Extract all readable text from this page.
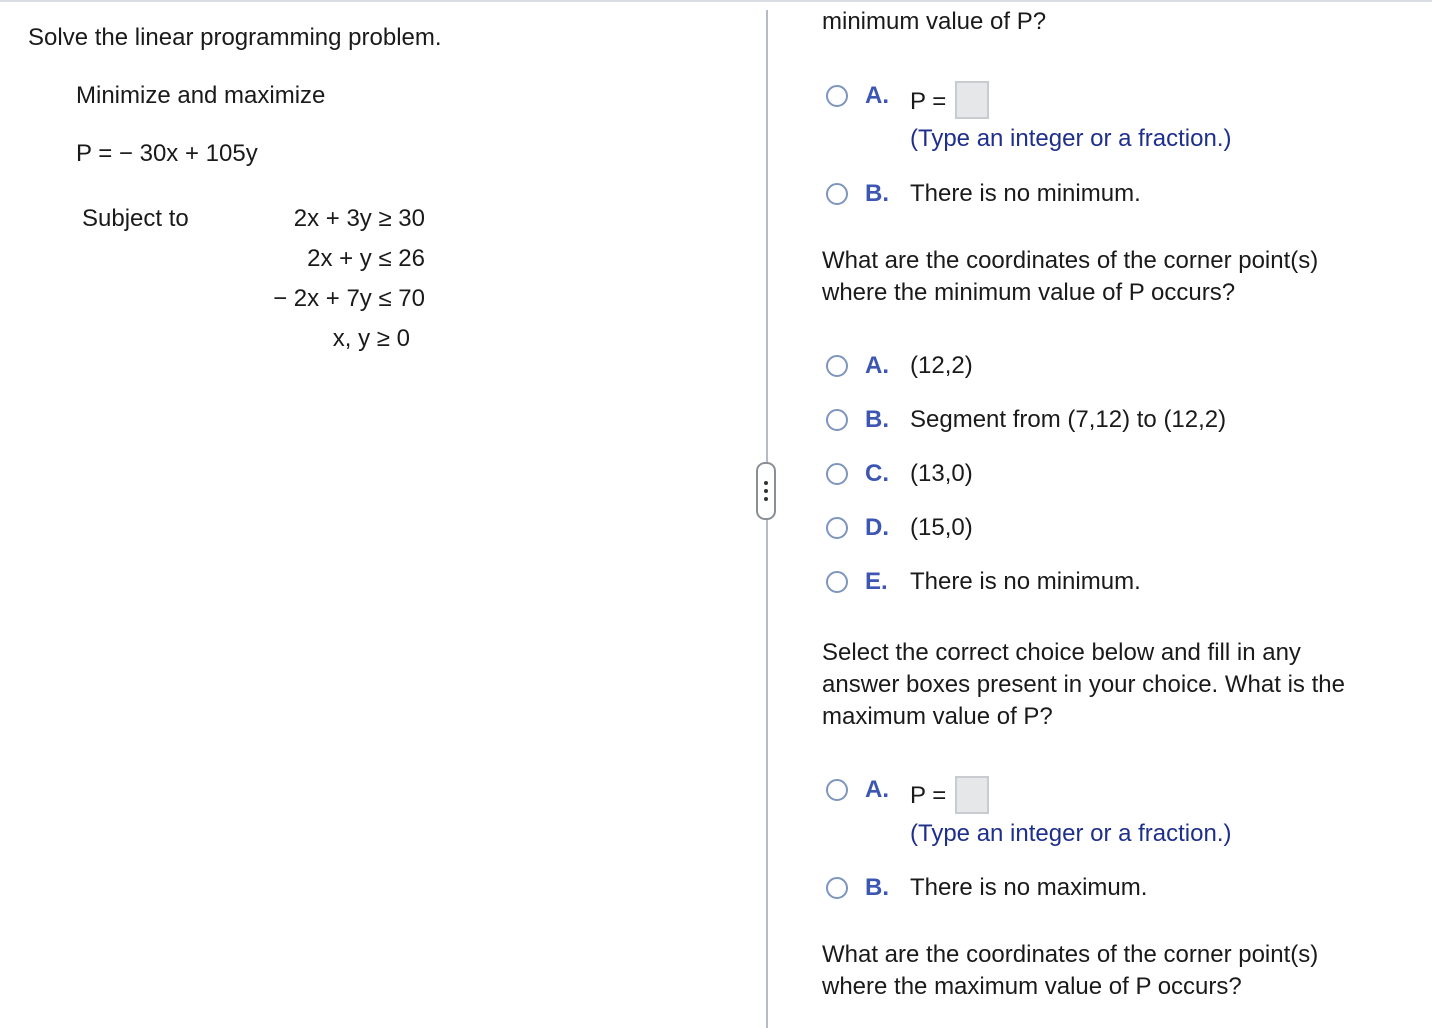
Solve the linear programming problem.
Minimize and maximize
P = − 30x + 105y
Subject to	2x + 3y ≥ 30
2x + y ≤ 26
− 2x + 7y ≤ 70
x, y ≥ 0
minimum value of P?
A. P =
(Type an integer or a fraction.)
B. There is no minimum.
What are the coordinates of the corner point(s)
where the minimum value of P occurs?
A. (12,2)
B. Segment from (7,12) to (12,2)
C. (13,0)
D. (15,0)
E. There is no minimum.
Select the correct choice below and fill in any
answer boxes present in your choice. What is the
maximum value of P?
A. P =
(Type an integer or a fraction.)
B. There is no maximum.
What are the coordinates of the corner point(s)
where the maximum value of P occurs?
